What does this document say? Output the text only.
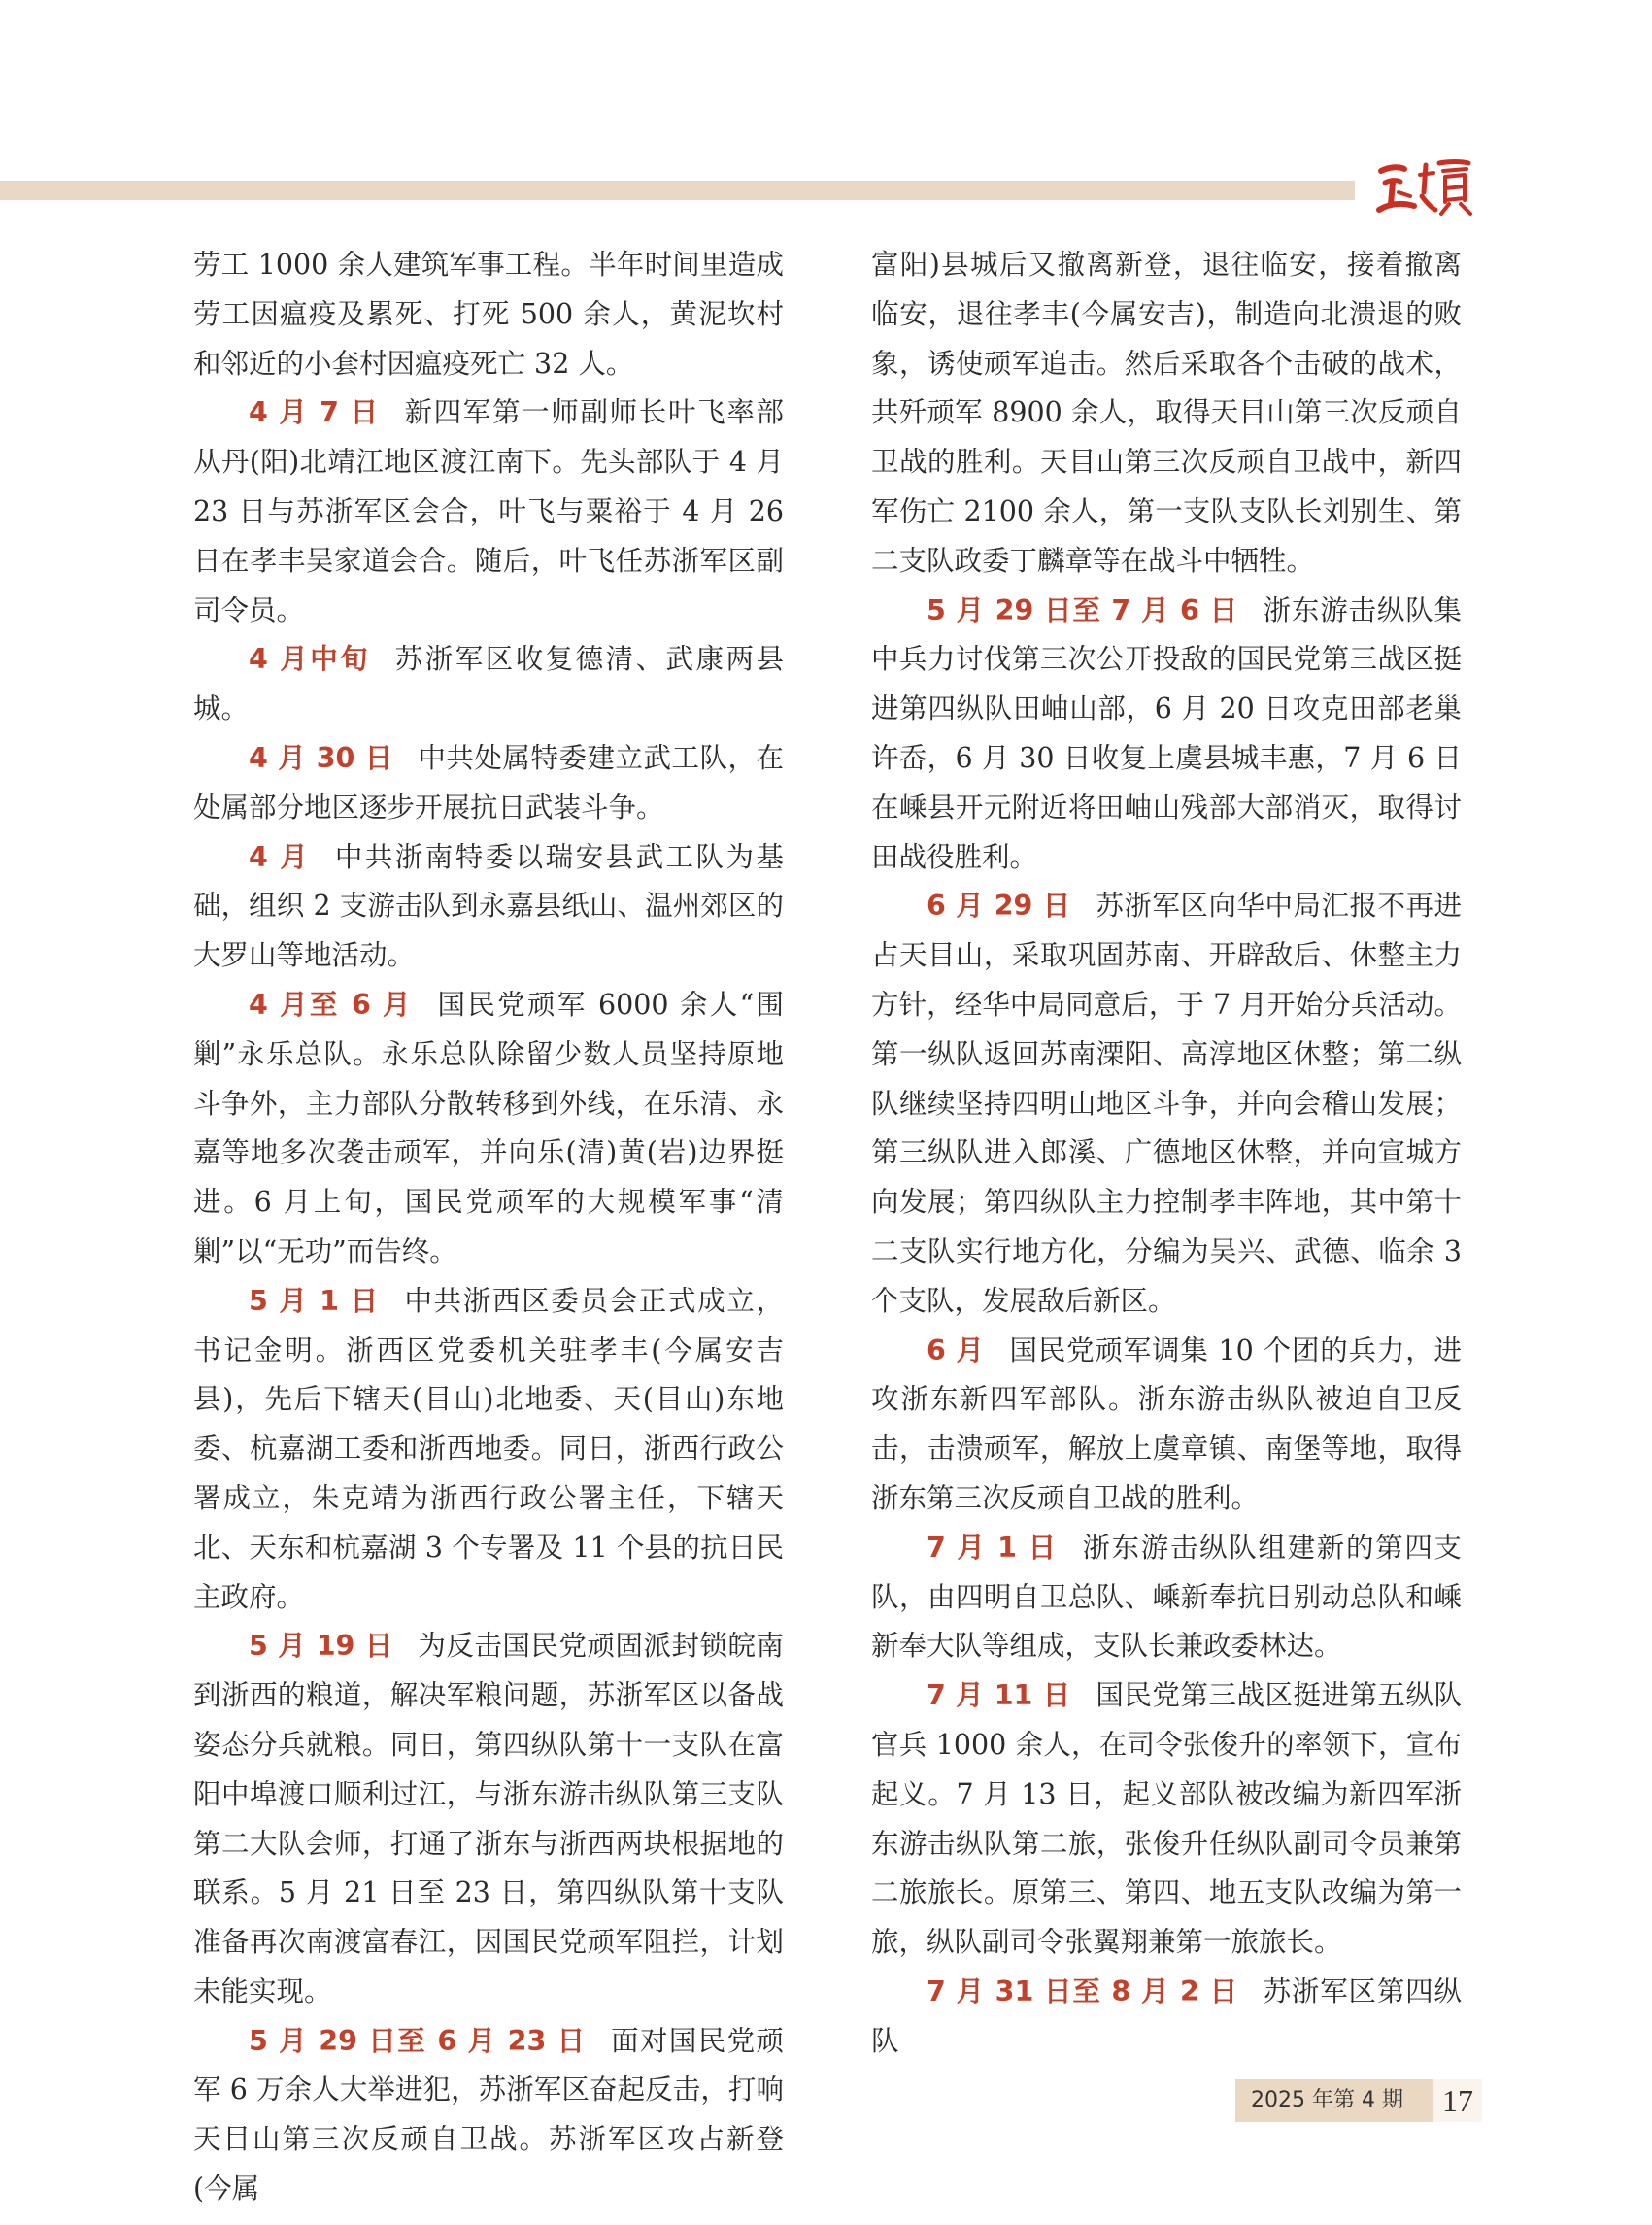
劳工 1000 余人建筑军事工程。半年时间里造成劳工因瘟疫及累死、打死 500 余人，黄泥坎村和邻近的小套村因瘟疫死亡 32 人。

4 月 7 日 新四军第一师副师长叶飞率部从丹(阳)北靖江地区渡江南下。先头部队于 4 月 23 日与苏浙军区会合，叶飞与粟裕于 4 月 26 日在孝丰吴家道会合。随后，叶飞任苏浙军区副司令员。

4 月中旬 苏浙军区收复德清、武康两县城。

4 月 30 日 中共处属特委建立武工队，在处属部分地区逐步开展抗日武装斗争。

4 月 中共浙南特委以瑞安县武工队为基础，组织 2 支游击队到永嘉县纸山、温州郊区的大罗山等地活动。

4 月至 6 月 国民党顽军 6000 余人“围剿”永乐总队。永乐总队除留少数人员坚持原地斗争外，主力部队分散转移到外线，在乐清、永嘉等地多次袭击顽军，并向乐(清)黄(岩)边界挺进。6 月上旬，国民党顽军的大规模军事“清剿”以“无功”而告终。

5 月 1 日 中共浙西区委员会正式成立，书记金明。浙西区党委机关驻孝丰(今属安吉县)，先后下辖天(目山)北地委、天(目山)东地委、杭嘉湖工委和浙西地委。同日，浙西行政公署成立，朱克靖为浙西行政公署主任，下辖天北、天东和杭嘉湖 3 个专署及 11 个县的抗日民主政府。

5 月 19 日 为反击国民党顽固派封锁皖南到浙西的粮道，解决军粮问题，苏浙军区以备战姿态分兵就粮。同日，第四纵队第十一支队在富阳中埠渡口顺利过江，与浙东游击纵队第三支队第二大队会师，打通了浙东与浙西两块根据地的联系。5 月 21 日至 23 日，第四纵队第十支队准备再次南渡富春江，因国民党顽军阻拦，计划未能实现。

5 月 29 日至 6 月 23 日 面对国民党顽军 6 万余人大举进犯，苏浙军区奋起反击，打响天目山第三次反顽自卫战。苏浙军区攻占新登(今属

富阳)县城后又撤离新登，退往临安，接着撤离临安，退往孝丰(今属安吉)，制造向北溃退的败象，诱使顽军追击。然后采取各个击破的战术，共歼顽军 8900 余人，取得天目山第三次反顽自卫战的胜利。天目山第三次反顽自卫战中，新四军伤亡 2100 余人，第一支队支队长刘别生、第二支队政委丁麟章等在战斗中牺牲。

5 月 29 日至 7 月 6 日 浙东游击纵队集中兵力讨伐第三次公开投敌的国民党第三战区挺进第四纵队田岫山部，6 月 20 日攻克田部老巢许岙，6 月 30 日收复上虞县城丰惠，7 月 6 日在嵊县开元附近将田岫山残部大部消灭，取得讨田战役胜利。

6 月 29 日 苏浙军区向华中局汇报不再进占天目山，采取巩固苏南、开辟敌后、休整主力方针，经华中局同意后，于 7 月开始分兵活动。第一纵队返回苏南溧阳、高淳地区休整；第二纵队继续坚持四明山地区斗争，并向会稽山发展；第三纵队进入郎溪、广德地区休整，并向宣城方向发展；第四纵队主力控制孝丰阵地，其中第十二支队实行地方化，分编为吴兴、武德、临余 3 个支队，发展敌后新区。

6 月 国民党顽军调集 10 个团的兵力，进攻浙东新四军部队。浙东游击纵队被迫自卫反击，击溃顽军，解放上虞章镇、南堡等地，取得浙东第三次反顽自卫战的胜利。

7 月 1 日 浙东游击纵队组建新的第四支队，由四明自卫总队、嵊新奉抗日别动总队和嵊新奉大队等组成，支队长兼政委林达。

7 月 11 日 国民党第三战区挺进第五纵队官兵 1000 余人，在司令张俊升的率领下，宣布起义。7 月 13 日，起义部队被改编为新四军浙东游击纵队第二旅，张俊升任纵队副司令员兼第二旅旅长。原第三、第四、地五支队改编为第一旅，纵队副司令张翼翔兼第一旅旅长。

7 月 31 日至 8 月 2 日 苏浙军区第四纵队

2025 年第 4 期 17
